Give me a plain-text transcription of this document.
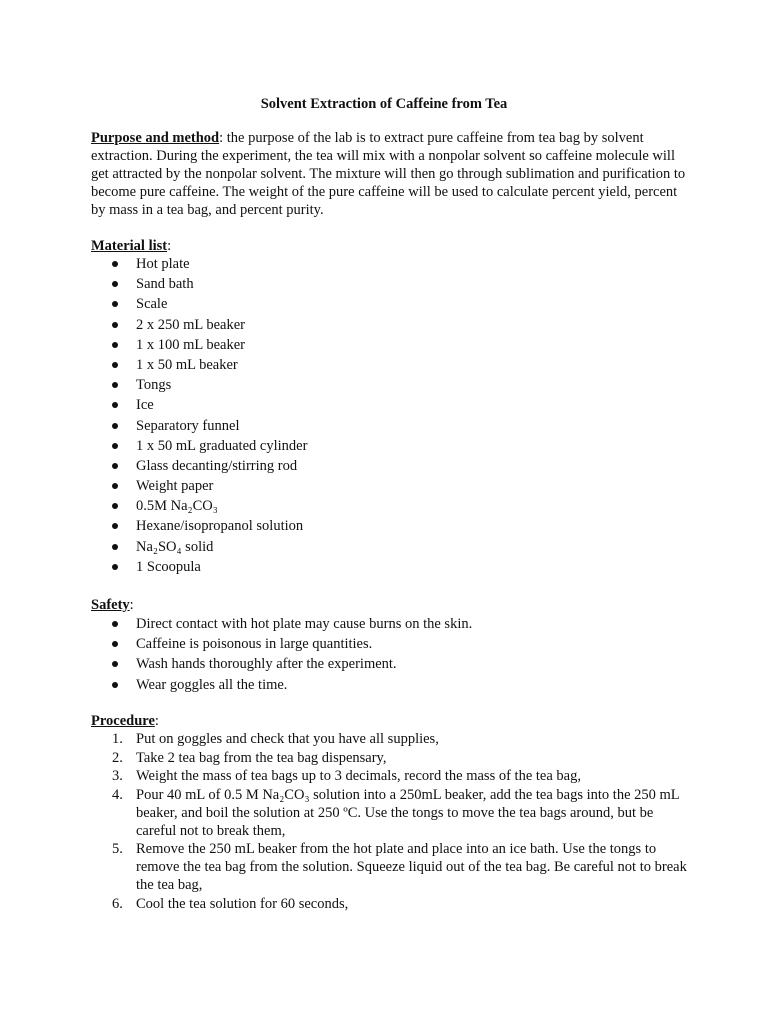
Solvent Extraction of Caffeine from Tea
Purpose and method: the purpose of the lab is to extract pure caffeine from tea bag by solvent extraction. During the experiment, the tea will mix with a nonpolar solvent so caffeine molecule will get attracted by the nonpolar solvent. The mixture will then go through sublimation and purification to become pure caffeine. The weight of the pure caffeine will be used to calculate percent yield, percent by mass in a tea bag, and percent purity.
Material list:
Hot plate
Sand bath
Scale
2 x 250 mL beaker
1 x 100 mL beaker
1 x 50 mL beaker
Tongs
Ice
Separatory funnel
1 x 50 mL graduated cylinder
Glass decanting/stirring rod
Weight paper
0.5M Na₂CO₃
Hexane/isopropanol solution
Na₂SO₄ solid
1 Scoopula
Safety:
Direct contact with hot plate may cause burns on the skin.
Caffeine is poisonous in large quantities.
Wash hands thoroughly after the experiment.
Wear goggles all the time.
Procedure:
1. Put on goggles and check that you have all supplies,
2. Take 2 tea bag from the tea bag dispensary,
3. Weight the mass of tea bags up to 3 decimals, record the mass of the tea bag,
4. Pour 40 mL of 0.5 M Na₂CO₃ solution into a 250mL beaker, add the tea bags into the 250 mL beaker, and boil the solution at 250 ºC. Use the tongs to move the tea bags around, but be careful not to break them,
5. Remove the 250 mL beaker from the hot plate and place into an ice bath. Use the tongs to remove the tea bag from the solution. Squeeze liquid out of the tea bag. Be careful not to break the tea bag,
6. Cool the tea solution for 60 seconds,
